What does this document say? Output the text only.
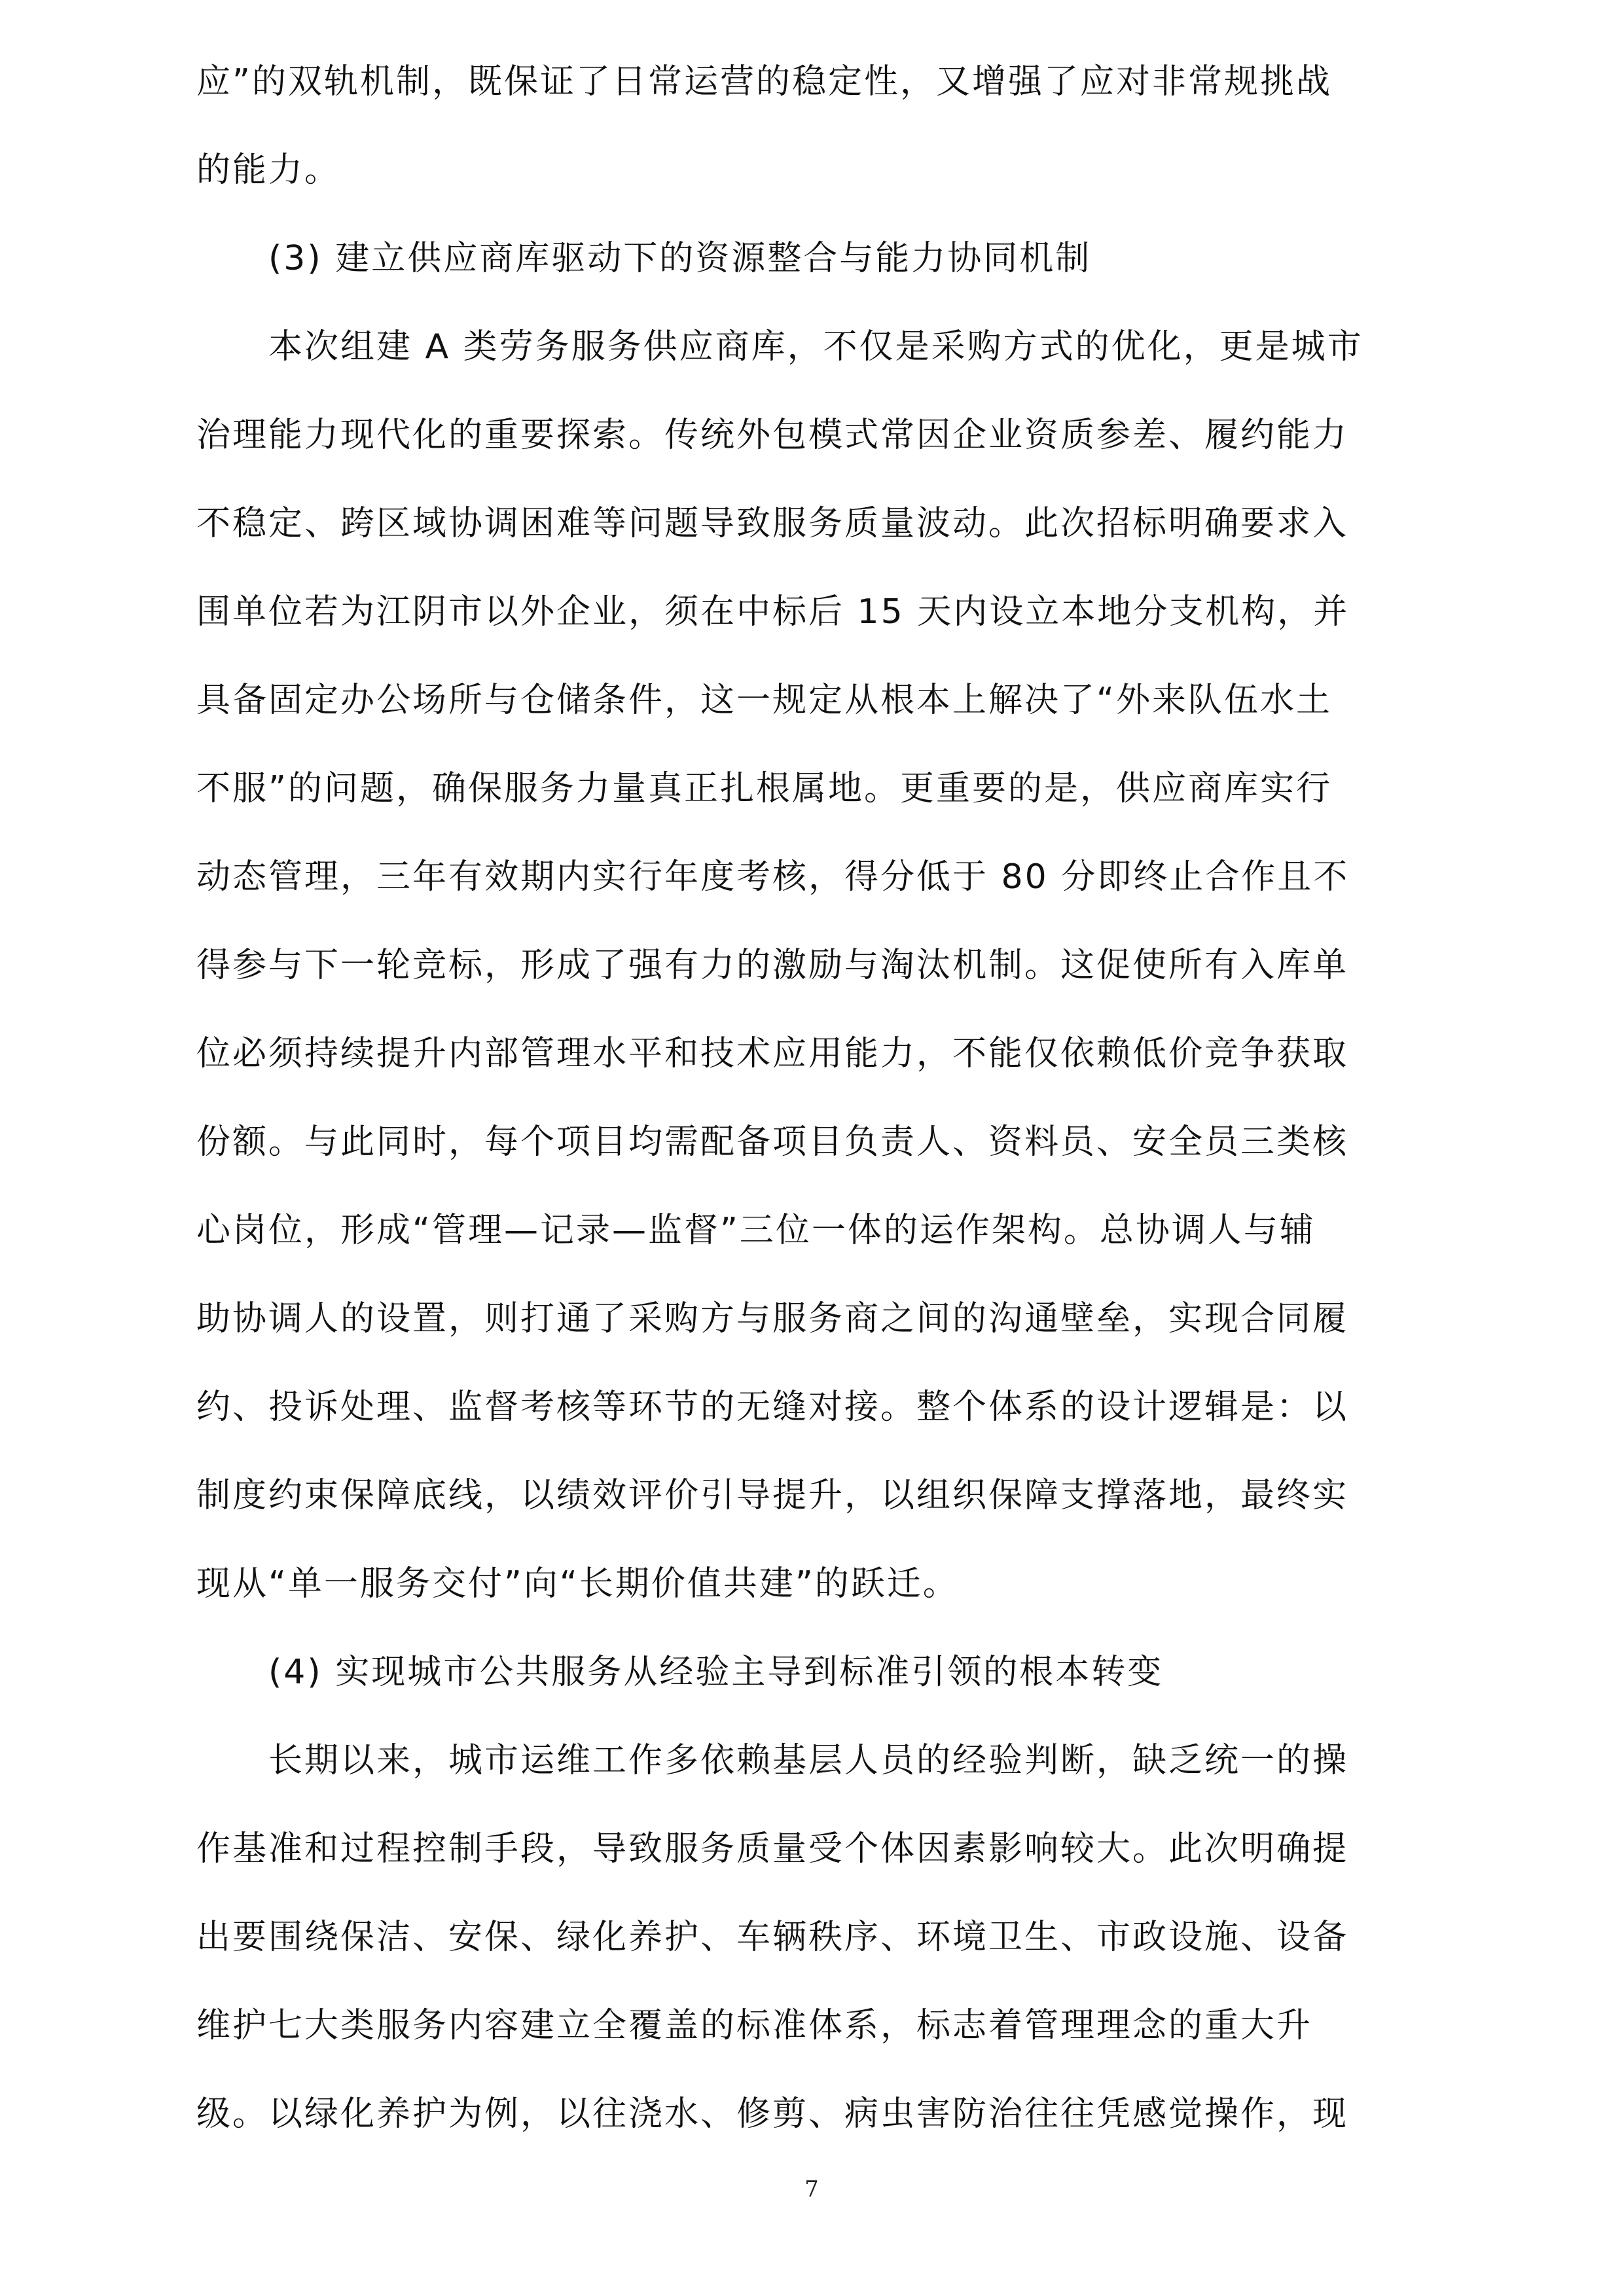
应”的双轨机制，既保证了日常运营的稳定性，又增强了应对非常规挑战
的能力。
(3) 建立供应商库驱动下的资源整合与能力协同机制
本次组建 A 类劳务服务供应商库，不仅是采购方式的优化，更是城市
治理能力现代化的重要探索。传统外包模式常因企业资质参差、履约能力
不稳定、跨区域协调困难等问题导致服务质量波动。此次招标明确要求入
围单位若为江阴市以外企业，须在中标后 15 天内设立本地分支机构，并
具备固定办公场所与仓储条件，这一规定从根本上解决了“外来队伍水土
不服”的问题，确保服务力量真正扎根属地。更重要的是，供应商库实行
动态管理，三年有效期内实行年度考核，得分低于 80 分即终止合作且不
得参与下一轮竞标，形成了强有力的激励与淘汰机制。这促使所有入库单
位必须持续提升内部管理水平和技术应用能力，不能仅依赖低价竞争获取
份额。与此同时，每个项目均需配备项目负责人、资料员、安全员三类核
心岗位，形成“管理—记录—监督”三位一体的运作架构。总协调人与辅
助协调人的设置，则打通了采购方与服务商之间的沟通壁垒，实现合同履
约、投诉处理、监督考核等环节的无缝对接。整个体系的设计逻辑是：以
制度约束保障底线，以绩效评价引导提升，以组织保障支撑落地，最终实
现从“单一服务交付”向“长期价值共建”的跃迁。
(4) 实现城市公共服务从经验主导到标准引领的根本转变
长期以来，城市运维工作多依赖基层人员的经验判断，缺乏统一的操
作基准和过程控制手段，导致服务质量受个体因素影响较大。此次明确提
出要围绕保洁、安保、绿化养护、车辆秩序、环境卫生、市政设施、设备
维护七大类服务内容建立全覆盖的标准体系，标志着管理理念的重大升
级。以绿化养护为例，以往浇水、修剪、病虫害防治往往凭感觉操作，现
7
